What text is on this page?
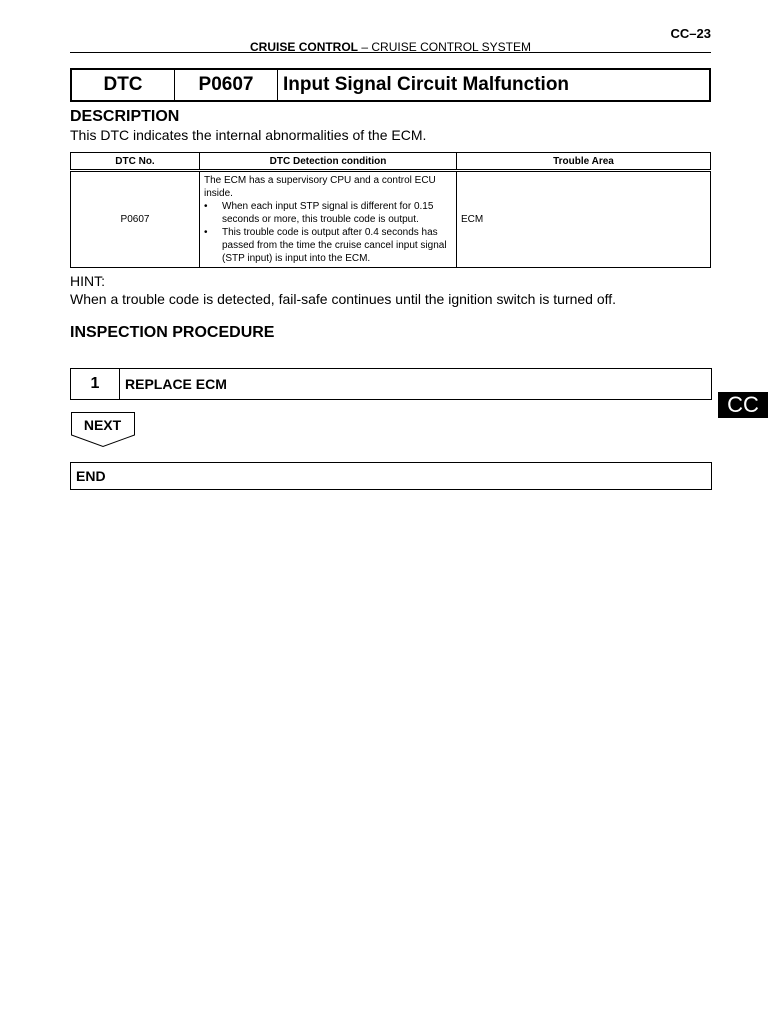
CRUISE CONTROL – CRUISE CONTROL SYSTEM
CC–23
DTC	P0607	Input Signal Circuit Malfunction
DESCRIPTION
This DTC indicates the internal abnormalities of the ECM.
DTC No.	DTC Detection condition	Trouble Area
P0607	The ECM has a supervisory CPU and a control ECU inside.
• When each input STP signal is different for 0.15 seconds or more, this trouble code is output.
• This trouble code is output after 0.4 seconds has passed from the time the cruise cancel input signal (STP input) is input into the ECM.	ECM
HINT:
When a trouble code is detected, fail-safe continues until the ignition switch is turned off.
INSPECTION PROCEDURE
1	REPLACE ECM
NEXT
END
CC
